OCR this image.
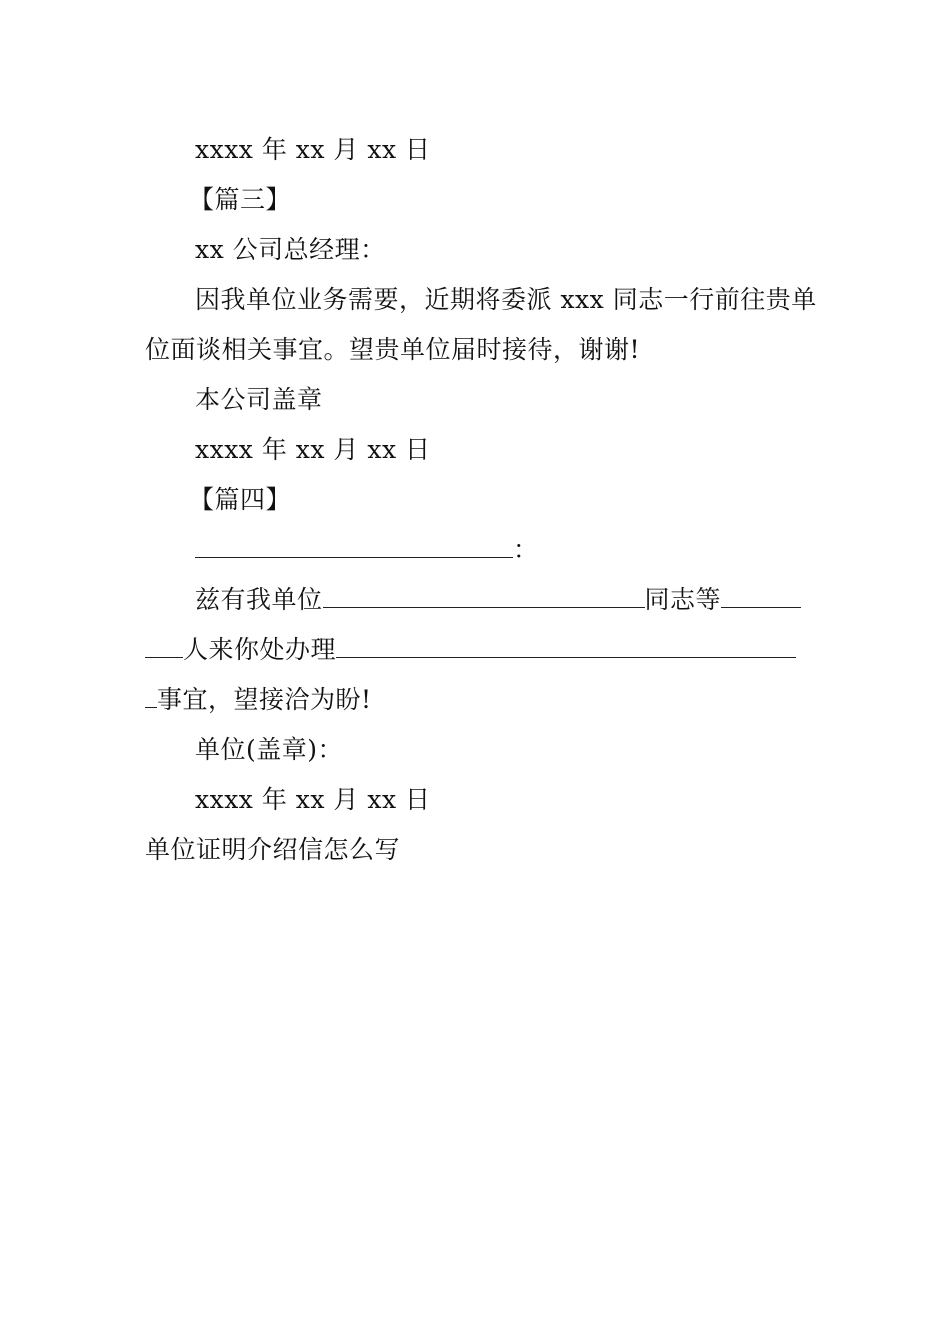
xxxx 年 xx 月 xx 日
【篇三】
xx 公司总经理：
因我单位业务需要，近期将委派 xxx 同志一行前往贵单
位面谈相关事宜。望贵单位届时接待，谢谢!
本公司盖章
xxxx 年 xx 月 xx 日
【篇四】
：
兹有我单位	同志等
人来你处办理
事宜，望接洽为盼!
单位(盖章)：
xxxx 年 xx 月 xx 日
单位证明介绍信怎么写
